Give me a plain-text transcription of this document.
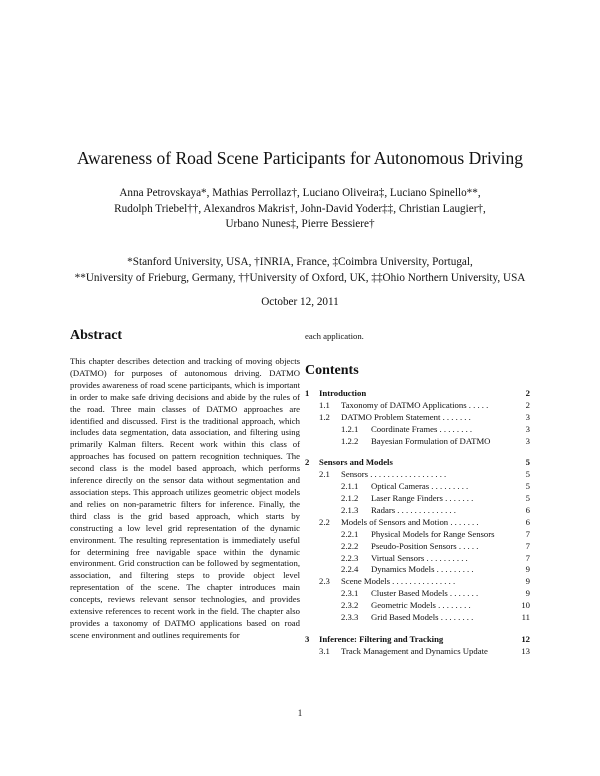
Awareness of Road Scene Participants for Autonomous Driving
Anna Petrovskaya*, Mathias Perrollaz†, Luciano Oliveira‡, Luciano Spinello**,
Rudolph Triebel††, Alexandros Makris†, John-David Yoder‡‡, Christian Laugier†,
Urbano Nunes‡, Pierre Bessiere†
*Stanford University, USA, †INRIA, France, ‡Coimbra University, Portugal,
**University of Frieburg, Germany, ††University of Oxford, UK, ‡‡Ohio Northern University, USA
October 12, 2011
Abstract

This chapter describes detection and tracking of moving objects (DATMO) for purposes of autonomous driving. DATMO provides awareness of road scene participants, which is important in order to make safe driving decisions and abide by the rules of the road. Three main classes of DATMO approaches are identified and discussed. First is the traditional approach, which includes data segmentation, data association, and filtering using primarily Kalman filters. Recent work within this class of approaches has focused on pattern recognition techniques. The second class is the model based approach, which performs inference directly on the sensor data without segmentation and association steps. This approach utilizes geometric object models and relies on non-parametric filters for inference. Finally, the third class is the grid based approach, which starts by constructing a low level grid representation of the dynamic environment. The resulting representation is immediately useful for determining free navigable space within the dynamic environment. Grid construction can be followed by segmentation, association, and filtering steps to provide object level representation of the scene. The chapter introduces main concepts, reviews relevant sensor technologies, and provides extensive references to recent work in the field. The chapter also provides a taxonomy of DATMO applications based on road scene environment and outlines requirements for

each application.
Contents
1 Introduction	2
1.1 Taxonomy of DATMO Applications . . . . .	2
1.2 DATMO Problem Statement . . . . . . .	3
1.2.1 Coordinate Frames . . . . . . . .	3
1.2.2 Bayesian Formulation of DATMO	3
2 Sensors and Models	5
2.1 Sensors . . . . . . . . . . . . . . . . . .	5
2.1.1 Optical Cameras . . . . . . . . .	5
2.1.2 Laser Range Finders . . . . . . .	5
2.1.3 Radars . . . . . . . . . . . . . .	6
2.2 Models of Sensors and Motion . . . . . . .	6
2.2.1 Physical Models for Range Sensors	7
2.2.2 Pseudo-Position Sensors . . . . .	7
2.2.3 Virtual Sensors . . . . . . . . . .	7
2.2.4 Dynamics Models . . . . . . . . .	9
2.3 Scene Models . . . . . . . . . . . . . . .	9
2.3.1 Cluster Based Models . . . . . . .	9
2.3.2 Geometric Models . . . . . . . .	10
2.3.3 Grid Based Models . . . . . . . .	11
3 Inference: Filtering and Tracking	12
3.1 Track Management and Dynamics Update	13
1
